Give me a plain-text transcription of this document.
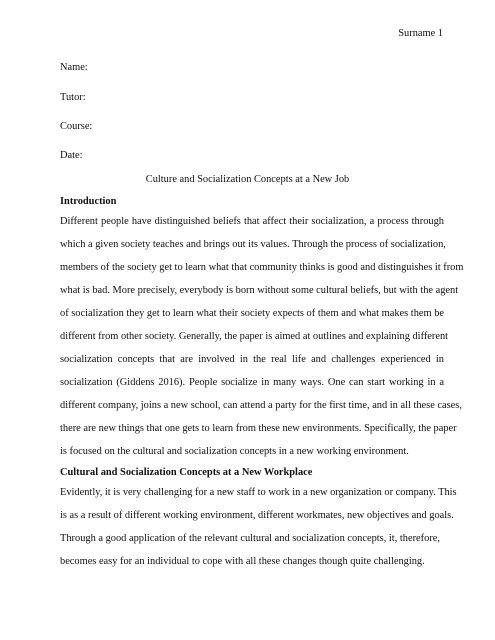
Surname 1
Name:
Tutor:
Course:
Date:
Culture and Socialization Concepts at a New Job
Introduction
Different people have distinguished beliefs that affect their socialization, a process through
which a given society teaches and brings out its values. Through the process of socialization,
members of the society get to learn what that community thinks is good and distinguishes it from
what is bad. More precisely, everybody is born without some cultural beliefs, but with the agent
of socialization they get to learn what their society expects of them and what makes them be
different from other society. Generally, the paper is aimed at outlines and explaining different
socialization concepts that are involved in the real life and challenges experienced in
socialization (Giddens 2016). People socialize in many ways. One can start working in a
different company, joins a new school, can attend a party for the first time, and in all these cases,
there are new things that one gets to learn from these new environments. Specifically, the paper
is focused on the cultural and socialization concepts in a new working environment.
Cultural and Socialization Concepts at a New Workplace
Evidently, it is very challenging for a new staff to work in a new organization or company. This
is as a result of different working environment, different workmates, new objectives and goals.
Through a good application of the relevant cultural and socialization concepts, it, therefore,
becomes easy for an individual to cope with all these changes though quite challenging.
